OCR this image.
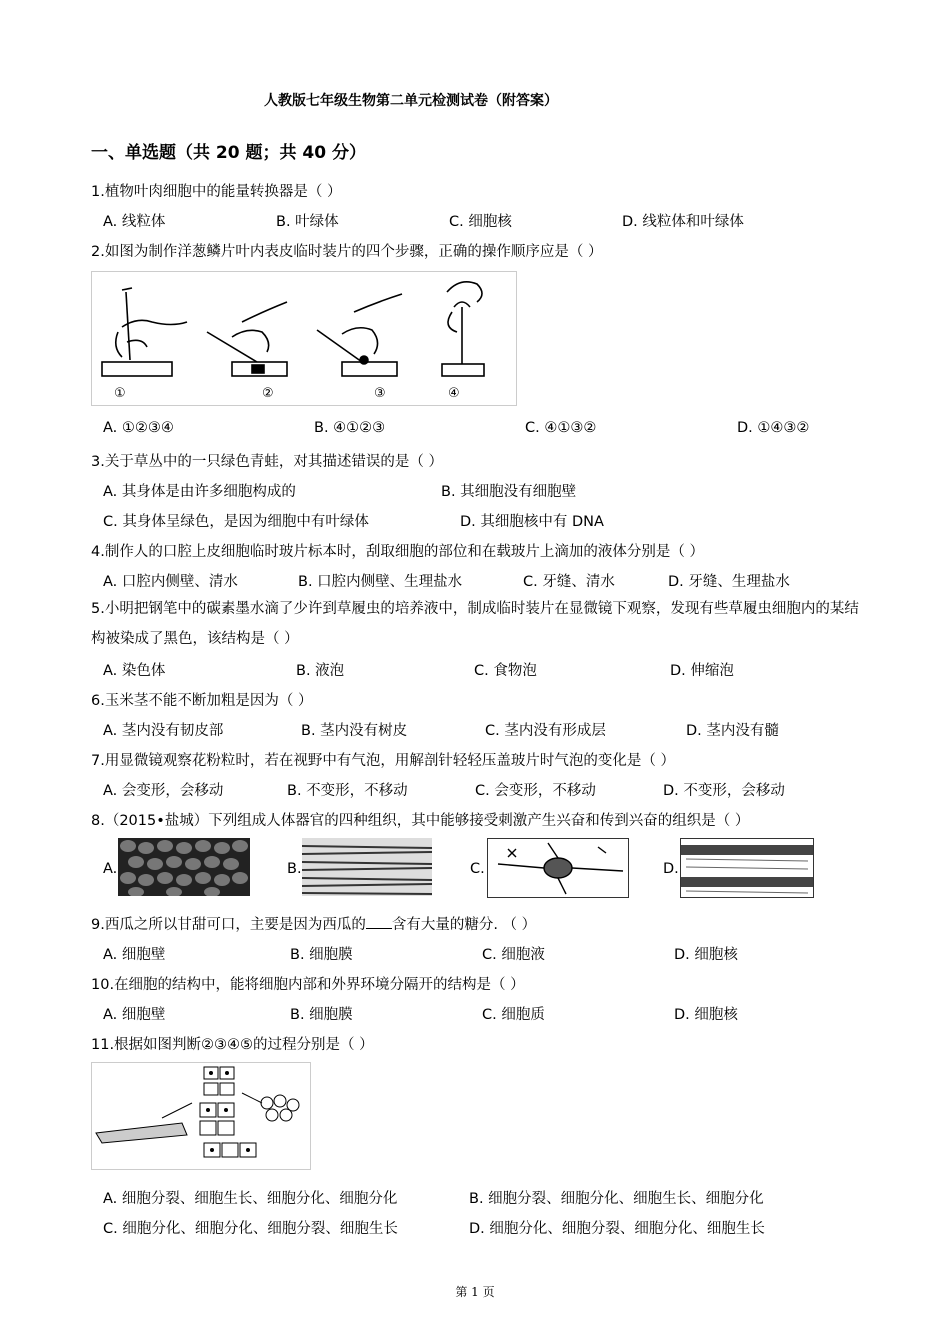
人教版七年级生物第二单元检测试卷（附答案）
一、单选题（共 20 题；共 40 分）
1.植物叶肉细胞中的能量转换器是（ ）
A. 线粒体	B. 叶绿体	C. 细胞核	D. 线粒体和叶绿体
2.如图为制作洋葱鳞片叶内表皮临时装片的四个步骤，正确的操作顺序应是（ ）
①	②	③	④
A. ①②③④	B. ④①②③	C. ④①③②	D. ①④③②
3.关于草丛中的一只绿色青蛙，对其描述错误的是（ ）
A. 其身体是由许多细胞构成的	B. 其细胞没有细胞壁
C. 其身体呈绿色，是因为细胞中有叶绿体	D. 其细胞核中有 DNA
4.制作人的口腔上皮细胞临时玻片标本时，刮取细胞的部位和在载玻片上滴加的液体分别是（ ）
A. 口腔内侧壁、清水	B. 口腔内侧壁、生理盐水	C. 牙缝、清水	D. 牙缝、生理盐水
5.小明把钢笔中的碳素墨水滴了少许到草履虫的培养液中，制成临时装片在显微镜下观察，发现有些草履虫细胞内的某结构被染成了黑色，该结构是（ ）
A. 染色体	B. 液泡	C. 食物泡	D. 伸缩泡
6.玉米茎不能不断加粗是因为（ ）
A. 茎内没有韧皮部	B. 茎内没有树皮	C. 茎内没有形成层	D. 茎内没有髓
7.用显微镜观察花粉粒时，若在视野中有气泡，用解剖针轻轻压盖玻片时气泡的变化是（ ）
A. 会变形，会移动	B. 不变形，不移动	C. 会变形，不移动	D. 不变形，会移动
8.（2015•盐城）下列组成人体器官的四种组织，其中能够接受刺激产生兴奋和传到兴奋的组织是（ ）
A.	B.	C.	D.
9.西瓜之所以甘甜可口，主要是因为西瓜的 含有大量的糖分. （ ）
A. 细胞壁	B. 细胞膜	C. 细胞液	D. 细胞核
10.在细胞的结构中，能将细胞内部和外界环境分隔开的结构是（ ）
A. 细胞壁	B. 细胞膜	C. 细胞质	D. 细胞核
11.根据如图判断②③④⑤的过程分别是（ ）
A. 细胞分裂、细胞生长、细胞分化、细胞分化	B. 细胞分裂、细胞分化、细胞生长、细胞分化
C. 细胞分化、细胞分化、细胞分裂、细胞生长	D. 细胞分化、细胞分裂、细胞分化、细胞生长
第 1 页
